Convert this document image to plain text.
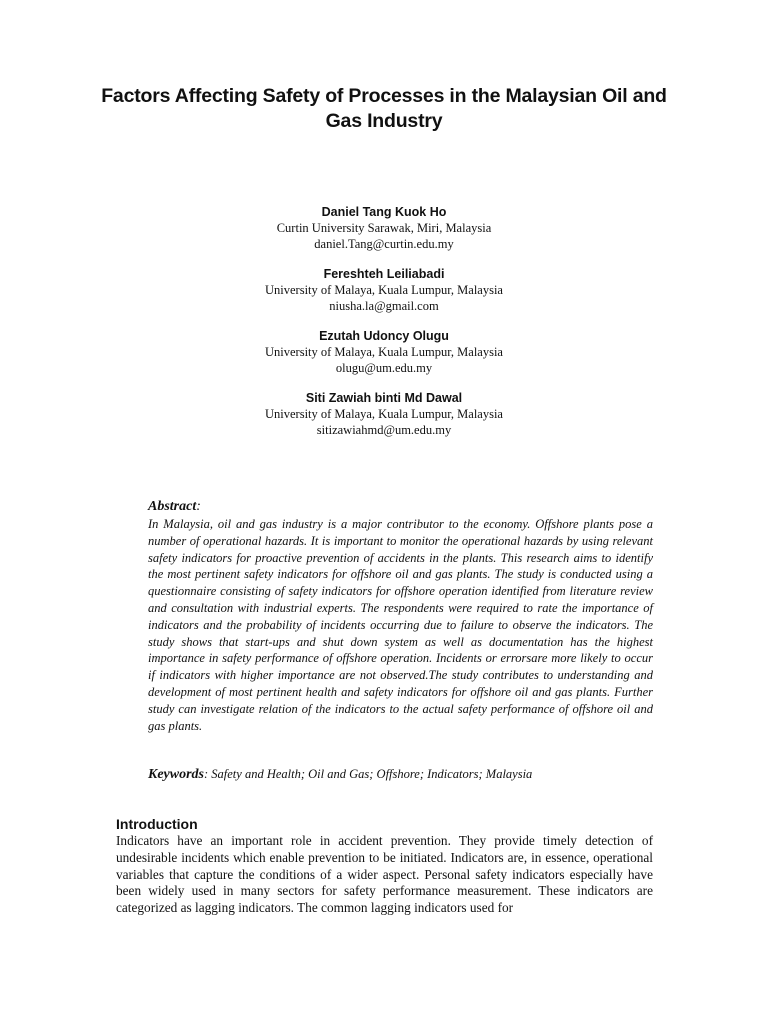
Factors Affecting Safety of Processes in the Malaysian Oil and Gas Industry
Daniel Tang Kuok Ho
Curtin University Sarawak, Miri, Malaysia
daniel.Tang@curtin.edu.my
Fereshteh Leiliabadi
University of Malaya, Kuala Lumpur, Malaysia
niusha.la@gmail.com
Ezutah Udoncy Olugu
University of Malaya, Kuala Lumpur, Malaysia
olugu@um.edu.my
Siti Zawiah binti Md Dawal
University of Malaya, Kuala Lumpur, Malaysia
sitizawiahmd@um.edu.my
Abstract:

In Malaysia, oil and gas industry is a major contributor to the economy. Offshore plants pose a number of operational hazards. It is important to monitor the operational hazards by using relevant safety indicators for proactive prevention of accidents in the plants. This research aims to identify the most pertinent safety indicators for offshore oil and gas plants. The study is conducted using a questionnaire consisting of safety indicators for offshore operation identified from literature review and consultation with industrial experts. The respondents were required to rate the importance of indicators and the probability of incidents occurring due to failure to observe the indicators. The study shows that start-ups and shut down system as well as documentation has the highest importance in safety performance of offshore operation. Incidents or errorsare more likely to occur if indicators with higher importance are not observed.The study contributes to understanding and development of most pertinent health and safety indicators for offshore oil and gas plants. Further study can investigate relation of the indicators to the actual safety performance of offshore oil and gas plants.

Keywords: Safety and Health; Oil and Gas; Offshore; Indicators; Malaysia
Introduction

Indicators have an important role in accident prevention. They provide timely detection of undesirable incidents which enable prevention to be initiated. Indicators are, in essence, operational variables that capture the conditions of a wider aspect. Personal safety indicators especially have been widely used in many sectors for safety performance measurement. These indicators are categorized as lagging indicators. The common lagging indicators used for
